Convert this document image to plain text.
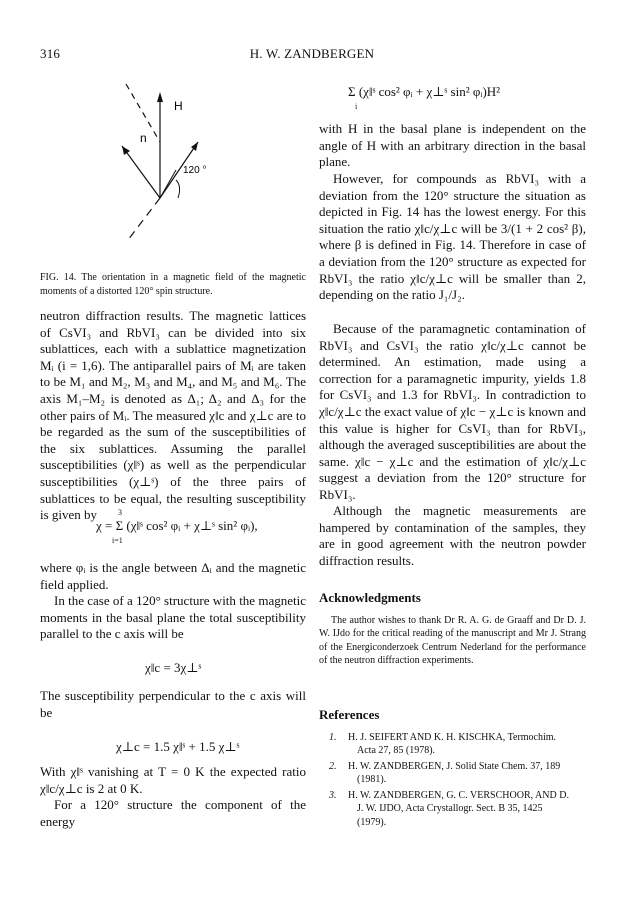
316	H. W. ZANDBERGEN
H
n
120 °
FIG. 14. The orientation in a magnetic field of the magnetic moments of a distorted 120° spin structure.

neutron diffraction results. The magnetic lattices of CsVI₃ and RbVI₃ can be divided into six sublattices, each with a sublattice magnetization Mᵢ (i = 1,6). The antiparallel pairs of Mᵢ are taken to be M₁ and M₂, M₃ and M₄, and M₅ and M₆. The axis M₁–M₂ is denoted as Δ₁; Δ₂ and Δ₃ for the other pairs of Mᵢ. The measured χ‖c and χ⊥c are to be regarded as the sum of the susceptibilities of the six sublattices. Assuming the parallel susceptibilities (χ‖ˢ) as well as the perpendicular susceptibilities (χ⊥ˢ) of the three pairs of sublattices to be equal, the resulting susceptibility is given by

χ = Σ (χ‖ˢ cos² φᵢ + χ⊥ˢ sin² φᵢ),
3
i=1

where φᵢ is the angle between Δᵢ and the magnetic field applied.

In the case of a 120° structure with the magnetic moments in the basal plane the total susceptibility parallel to the c axis will be

χ‖c = 3χ⊥ˢ

The susceptibility perpendicular to the c axis will be

χ⊥c = 1.5 χ‖ˢ + 1.5 χ⊥ˢ

With χ‖ˢ vanishing at T = 0 K the expected ratio χ‖c/χ⊥c is 2 at 0 K.

For a 120° structure the component of the energy

Σ (χ‖ˢ cos² φᵢ + χ⊥ˢ sin² φᵢ)H²
i

with H in the basal plane is independent on the angle of H with an arbitrary direction in the basal plane.

However, for compounds as RbVI₃ with a deviation from the 120° structure the situation as depicted in Fig. 14 has the lowest energy. For this situation the ratio χ‖c/χ⊥c will be 3/(1 + 2 cos² β), where β is defined in Fig. 14. Therefore in case of a deviation from the 120° structure as expected for RbVI₃ the ratio χ‖c/χ⊥c will be smaller than 2, depending on the ratio J₁/J₂.

Because of the paramagnetic contamination of RbVI₃ and CsVI₃ the ratio χ‖c/χ⊥c cannot be determined. An estimation, made using a correction for a paramagnetic impurity, yields 1.8 for CsVI₃ and 1.3 for RbVI₃. In contradiction to χ‖c/χ⊥c the exact value of χ‖c − χ⊥c is known and this value is higher for CsVI₃ than for RbVI₃, although the averaged susceptibilities are about the same. χ‖c − χ⊥c and the estimation of χ‖c/χ⊥c suggest a deviation from the 120° structure for RbVI₃.

Although the magnetic measurements are hampered by contamination of the samples, they are in good agreement with the neutron powder diffraction results.

Acknowledgments
The author wishes to thank Dr R. A. G. de Graaff and Dr D. J. W. IJdo for the critical reading of the manuscript and Mr J. Strang of the Energiconderzoek Centrum Nederland for the performance of the neutron diffraction experiments.
References
1. H. J. SEIFERT AND K. H. KISCHKA, Termochim.
Acta 27, 85 (1978).
2. H. W. ZANDBERGEN, J. Solid State Chem. 37, 189
(1981).
3. H. W. ZANDBERGEN, G. C. VERSCHOOR, AND D.
J. W. IJDO, Acta Crystallogr. Sect. B 35, 1425
(1979).
